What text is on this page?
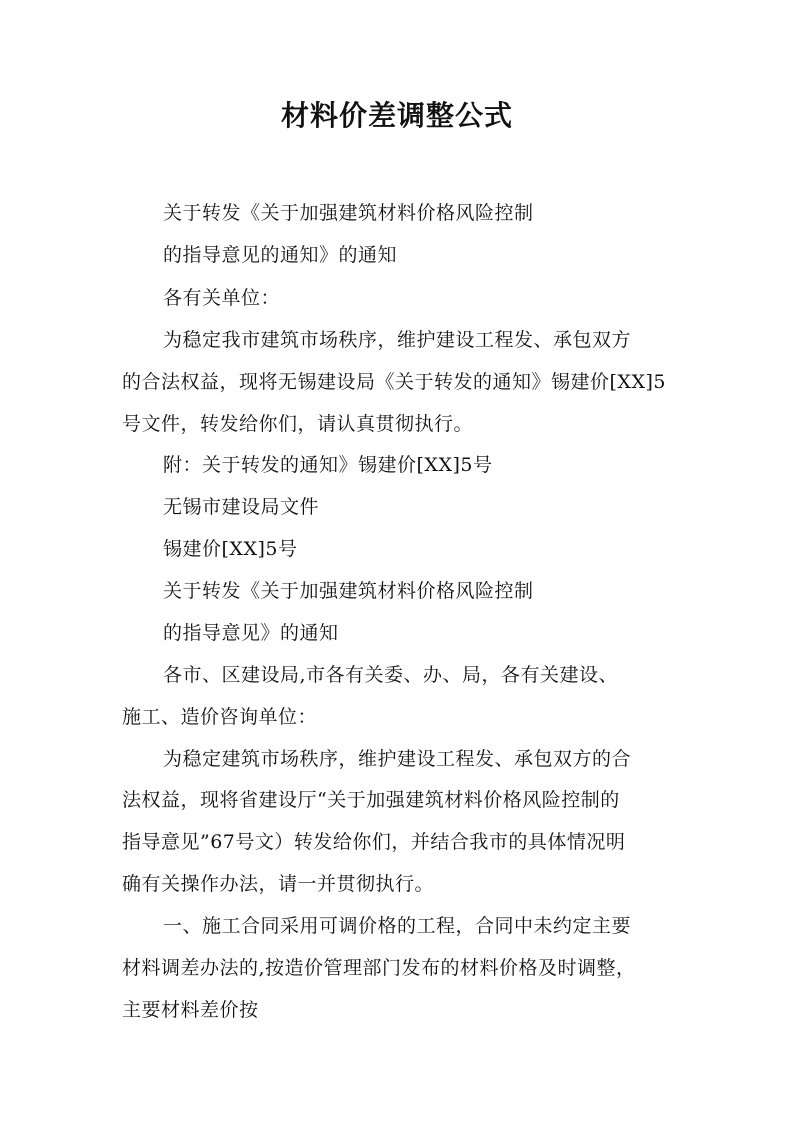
材料价差调整公式

关于转发《关于加强建筑材料价格风险控制

的指导意见的通知》的通知

各有关单位：

为稳定我市建筑市场秩序，维护建设工程发、承包双方

的合法权益，现将无锡建设局《关于转发的通知》锡建价[XX]5

号文件，转发给你们，请认真贯彻执行。

附：关于转发的通知》锡建价[XX]5号

无锡市建设局文件

锡建价[XX]5号

关于转发《关于加强建筑材料价格风险控制

的指导意见》的通知

各市、区建设局,市各有关委、办、局，各有关建设、

施工、造价咨询单位：

为稳定建筑市场秩序，维护建设工程发、承包双方的合

法权益，现将省建设厅“关于加强建筑材料价格风险控制的

指导意见”67号文）转发给你们，并结合我市的具体情况明

确有关操作办法，请一并贯彻执行。

一、施工合同采用可调价格的工程，合同中未约定主要

材料调差办法的,按造价管理部门发布的材料价格及时调整，

主要材料差价按
